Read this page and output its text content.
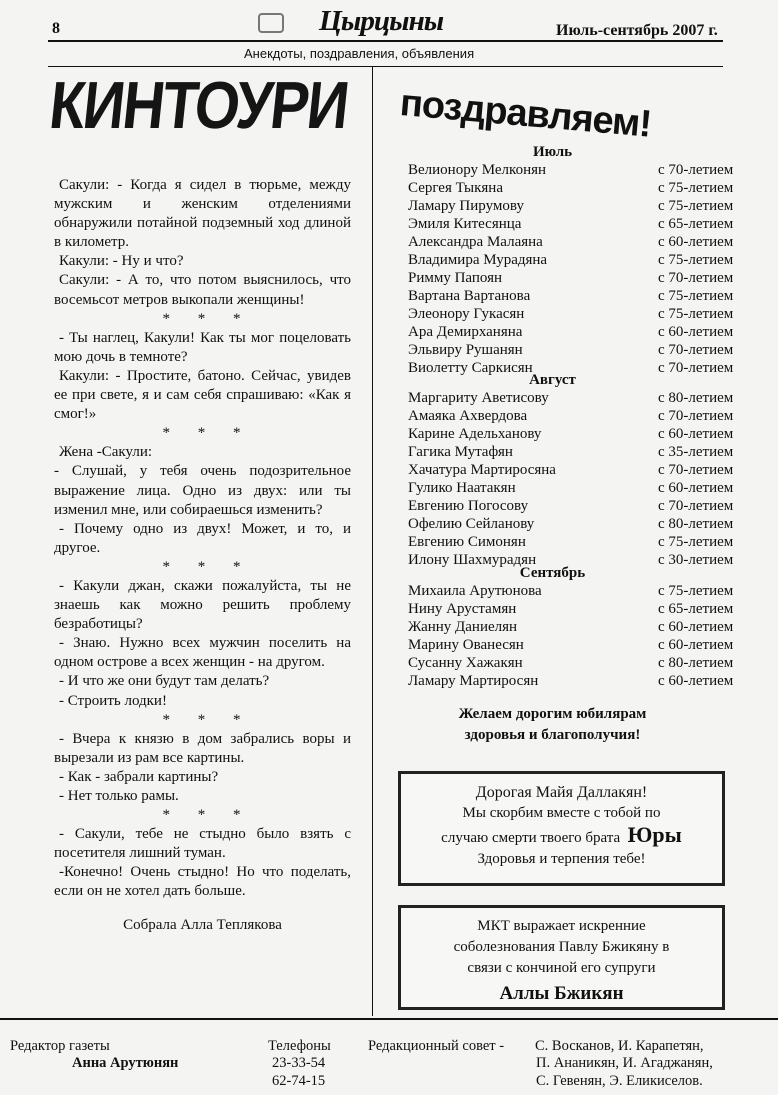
8	Цырцыны	Июль-сентябрь 2007 г.
Анекдоты, поздравления, объявления
КИНТОУРИ

Сакули: - Когда я сидел в тюрьме, между мужским и женским отделениями обнаружили потайной подземный ход длиной в километр.

Какули: - Ну и что?

Сакули: - А то, что потом выяснилось, что восемьсот метров выкопали женщины!

* * *

- Ты наглец, Какули! Как ты мог поцеловать мою дочь в темноте?

Какули: - Простите, батоно. Сейчас, увидев ее при свете, я и сам себя спрашиваю: «Как я смог!»

* * *

Жена -Сакули:

- Слушай, у тебя очень подозрительное выражение лица. Одно из двух: или ты изменил мне, или собираешься изменить?

- Почему одно из двух! Может, и то, и другое.

* * *

- Какули джан, скажи пожалуйста, ты не знаешь как можно решить проблему безработицы?

- Знаю. Нужно всех мужчин поселить на одном острове а всех женщин - на другом.

- И что же они будут там делать?

- Строить лодки!

* * *

- Вчера к князю в дом забрались воры и вырезали из рам все картины.

- Как - забрали картины?

- Нет только рамы.

* * *

- Сакули, тебе не стыдно было взять с посетителя лишний туман.

-Конечно! Очень стыдно! Но что поделать, если он не хотел дать больше.

Собрала Алла Теплякова

поздравляем!
Июль
Велионору Мелконян	с 70-летием
Сергея Тыкяна	с 75-летием
Ламару Пирумову	с 75-летием
Эмиля Китесянца	с 65-летием
Александра Малаяна	с 60-летием
Владимира Мурадяна	с 75-летием
Римму Папоян	с 70-летием
Вартана Вартанова	с 75-летием
Элеонору Гукасян	с 75-летием
Ара Демирханяна	с 60-летием
Эльвиру Рушанян	с 70-летием
Виолетту Саркисян	с 70-летием
Август
Маргариту Аветисову	с 80-летием
Амаяка Ахвердова	с 70-летием
Карине Адельханову	с 60-летием
Гагика Мутафян	с 35-летием
Хачатура Мартиросяна	с 70-летием
Гулико Наатакян	с 60-летием
Евгению Погосову	с 70-летием
Офелию Сейланову	с 80-летием
Евгению Симонян	с 75-летием
Илону Шахмурадян	с 30-летием
Сентябрь
Михаила Арутюнова	с 75-летием
Нину Арустамян	с 65-летием
Жанну Даниелян	с 60-летием
Марину Ованесян	с 60-летием
Сусанну Хажакян	с 80-летием
Ламару Мартиросян	с 60-летием
Желаем дорогим юбилярам
здоровья и благополучия!
Дорогая Майя Даллакян!
Мы скорбим вместе с тобой по
случаю смерти твоего брата Юры
Здоровья и терпения тебе!
МКТ выражает искренние
соболезнования Павлу Бжикяну в
связи с кончиной его супруги
Аллы Бжикян
Редактор газеты
Анна Арутюнян
Телефоны
23-33-54
62-74-15
Редакционный совет - С. Восканов, И. Карапетян,
П. Ананикян, И. Агаджанян,
С. Гевенян, Э. Еликиселов.
